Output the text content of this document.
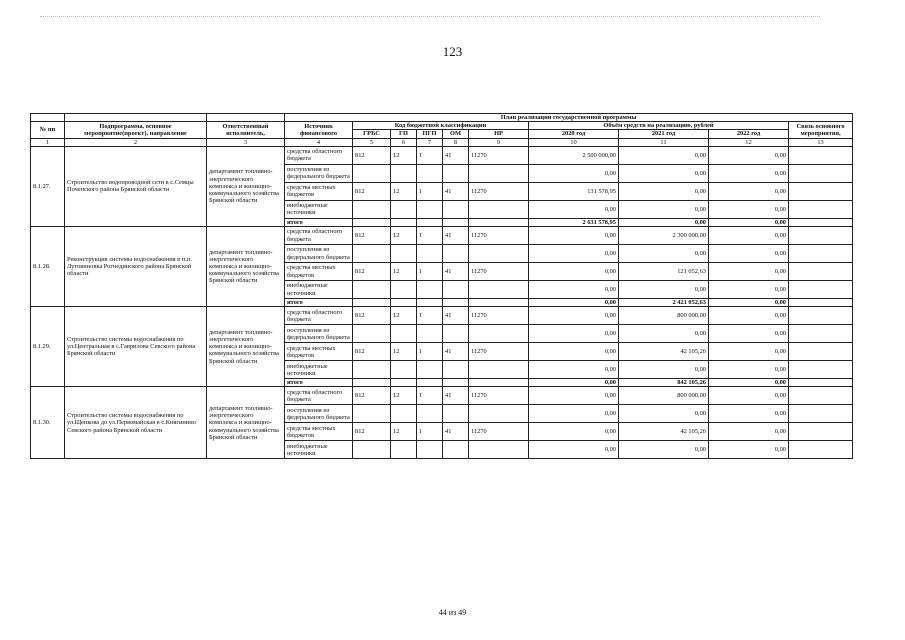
123
			План реализации государственной программы									
№ пп	Подпрограмма, основное мероприятие(проект), направление	Ответственный исполнитель,	Источник финансового	Код бюджетной классификации					Объём средств на реализацию, рублей			Связь основного мероприятия,
				ГРБС	ГП	ПГП	ОМ	НР	2020 год	2021 год	2022 год	
1	2	3	4	5	6	7	8	9	10	11	12	13
8.1.27.	Строительство водопроводной сети в с.Семцы Почепского района Брянской области	департамент топливно-энергетического комплекса и жилищно-коммунального хозяйства Брянской области	средства областного бюджета	812	12	1	41	11270	2 500 000,00	0,00	0,00	
			поступления из федерального бюджета						0,00	0,00	0,00	
			средства местных бюджетов	812	12	1	41	11270	131 578,95	0,00	0,00	
			внебюджетные источники						0,00	0,00	0,00	
			итого						2 631 578,95	0,00	0,00	
8.1.28.	Реконструкция системы водоснабжения в п.п. Лутовиновка Рогнединского района Брянской области	департамент топливно-энергетического комплекса и жилищно-коммунального хозяйства Брянской области	средства областного бюджета	812	12	1	41	11270	0,00	2 300 000,00	0,00	
			поступления из федерального бюджета						0,00	0,00	0,00	
			средства местных бюджетов	812	12	1	41	11270	0,00	121 052,63	0,00	
			внебюджетные источники						0,00	0,00	0,00	
			итого						0,00	2 421 052,63	0,00	
8.1.29.	Строительство системы водоснабжения по ул.Центральная в с.Гаврилова Севского района Брянской области	департамент топливно-энергетического комплекса и жилищно-коммунального хозяйства Брянской области	средства областного бюджета	812	12	1	41	11270	0,00	800 000,00	0,00	
			поступления из федерального бюджета						0,00	0,00	0,00	
			средства местных бюджетов	812	12	1	41	11270	0,00	42 105,26	0,00	
			внебюджетные источники						0,00	0,00	0,00	
			итого						0,00	842 105,26	0,00	
8.1.30.	Строительство системы водоснабжения по ул.Щепкова до ул.Первомайская в с.Княгинино Севского района Брянской области	департамент топливно-энергетического комплекса и жилищно-коммунального хозяйства Брянской области	средства областного бюджета	812	12	1	41	11270	0,00	800 000,00	0,00	
			поступления из федерального бюджета						0,00	0,00	0,00	
			средства местных бюджетов	812	12	1	41	11270	0,00	42 105,26	0,00	
			внебюджетные источники						0,00	0,00	0,00	
44 из 49
